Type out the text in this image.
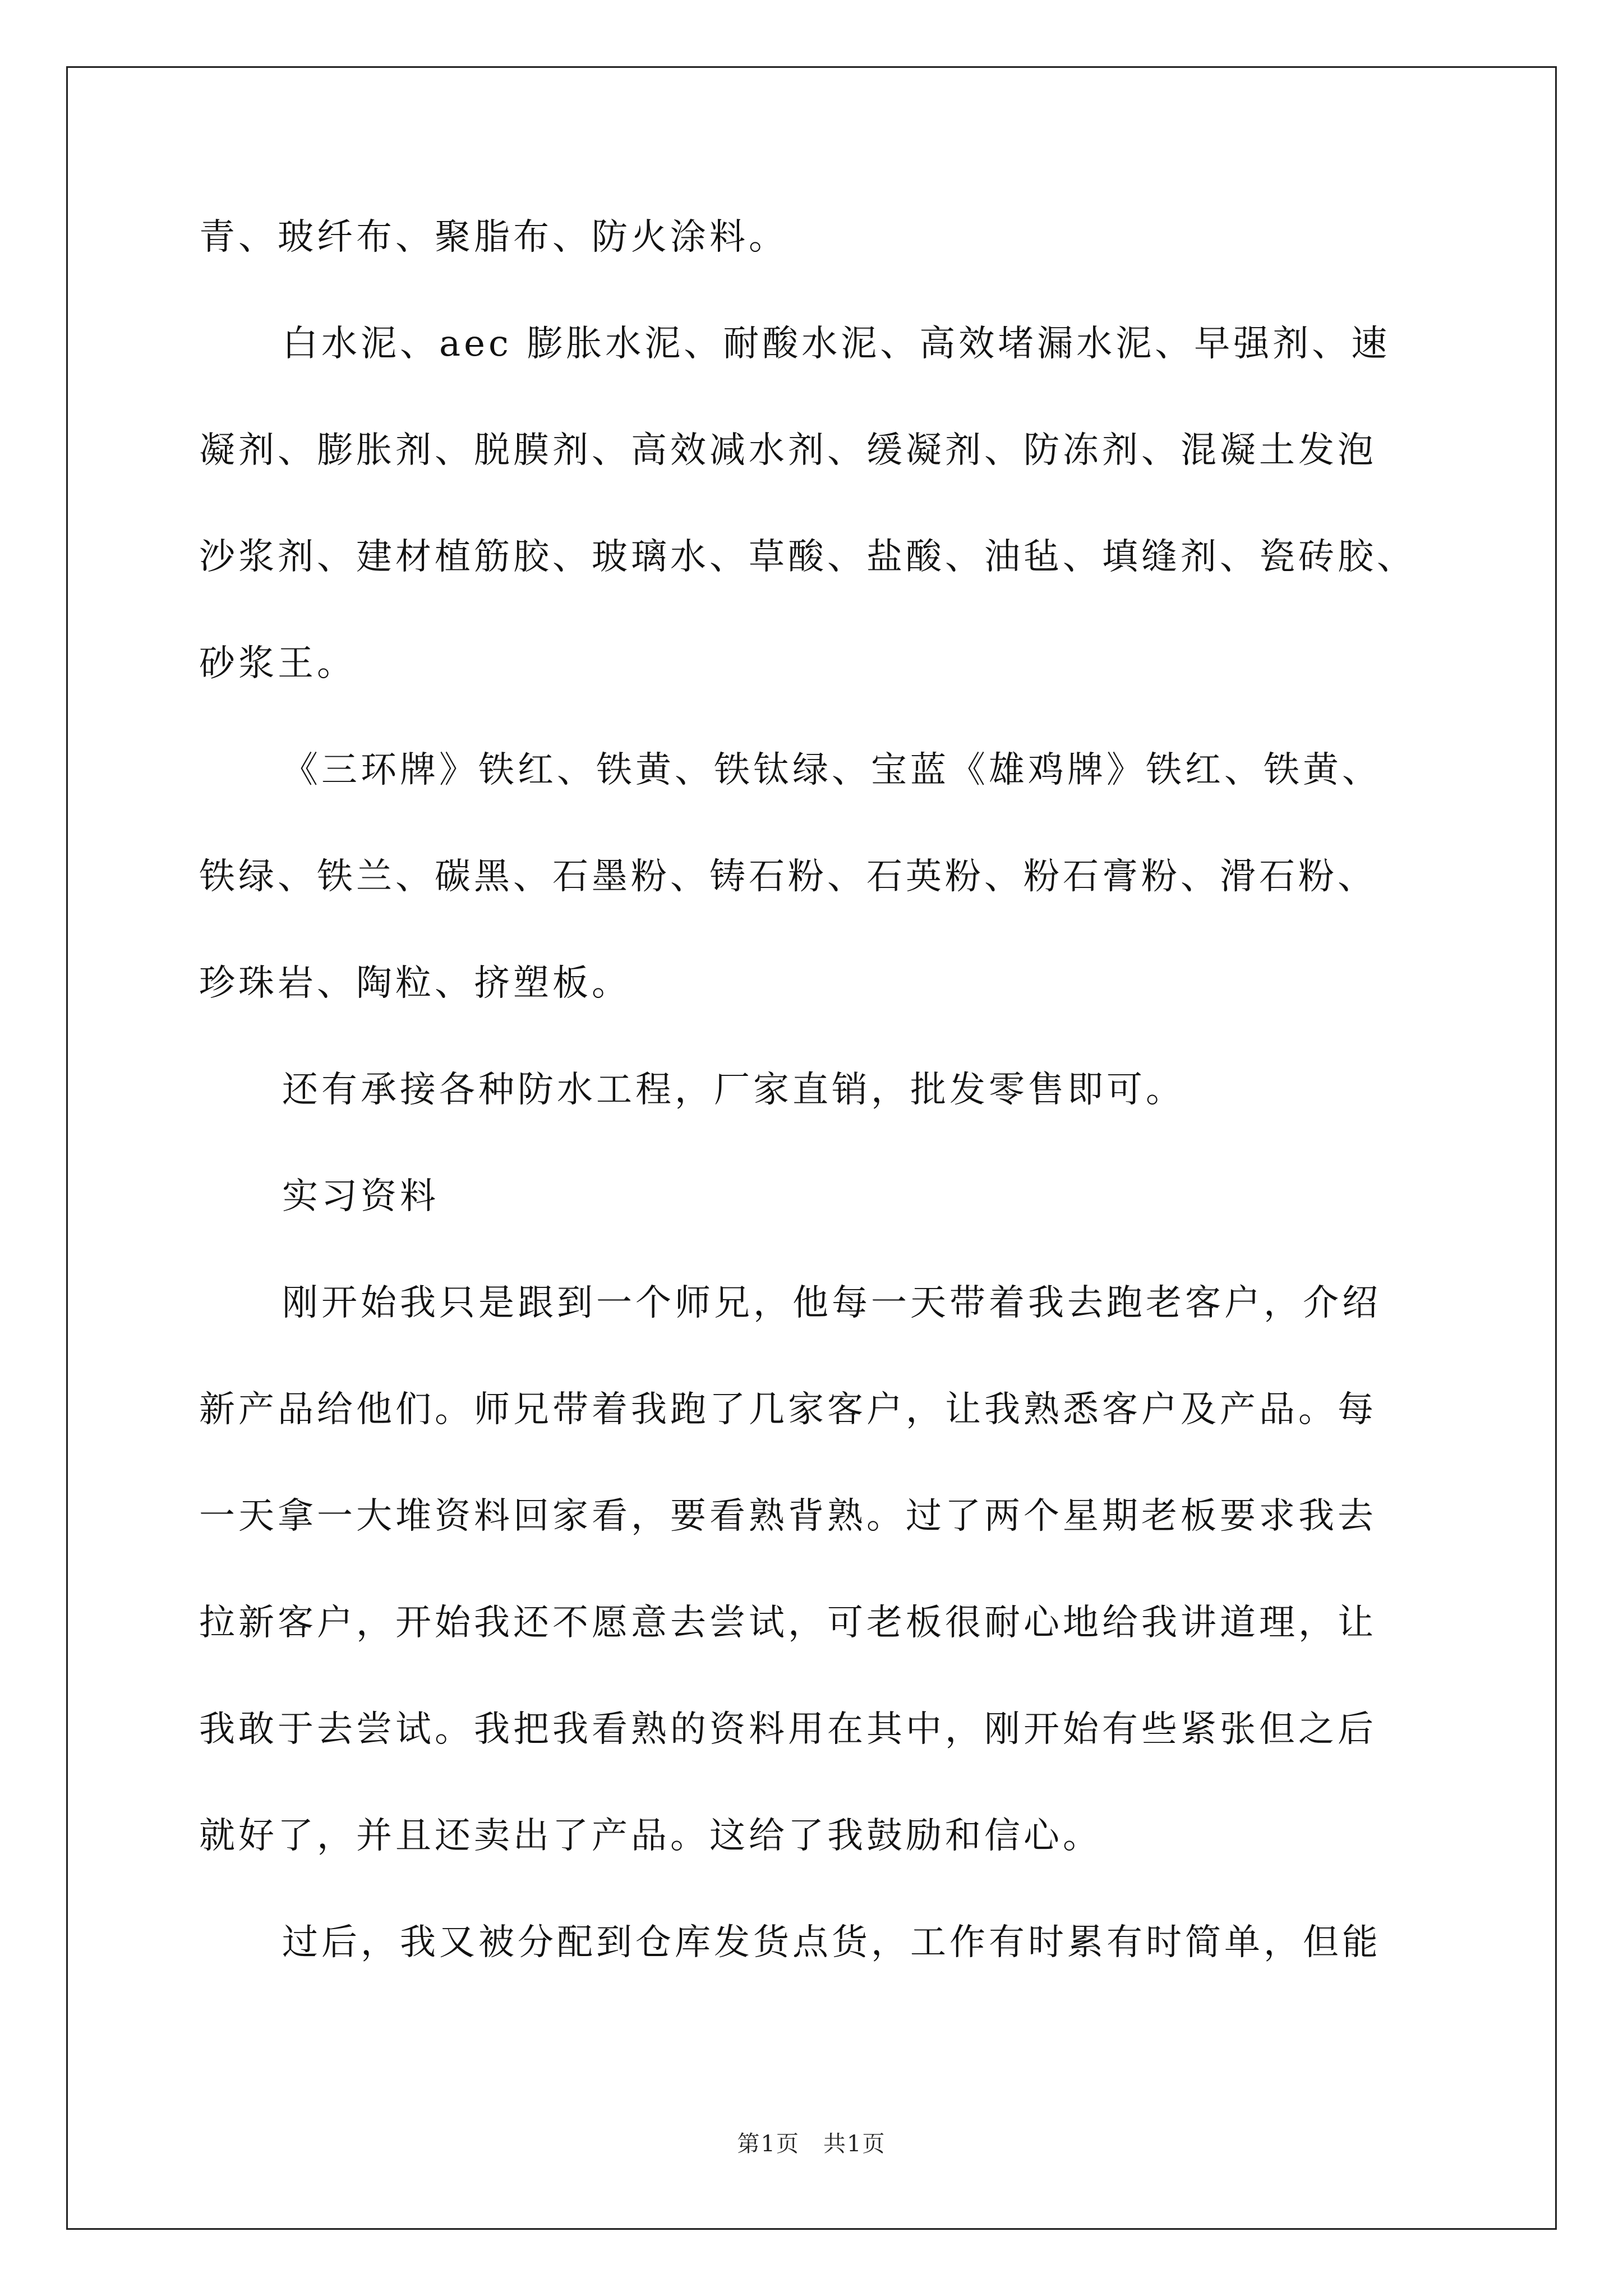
青、玻纤布、聚脂布、防火涂料。
白水泥、aec 膨胀水泥、耐酸水泥、高效堵漏水泥、早强剂、速
凝剂、膨胀剂、脱膜剂、高效减水剂、缓凝剂、防冻剂、混凝土发泡
沙浆剂、建材植筋胶、玻璃水、草酸、盐酸、油毡、填缝剂、瓷砖胶、
砂浆王。
《三环牌》铁红、铁黄、铁钛绿、宝蓝《雄鸡牌》铁红、铁黄、
铁绿、铁兰、碳黑、石墨粉、铸石粉、石英粉、粉石膏粉、滑石粉、
珍珠岩、陶粒、挤塑板。
还有承接各种防水工程，厂家直销，批发零售即可。
实习资料
刚开始我只是跟到一个师兄，他每一天带着我去跑老客户，介绍
新产品给他们。师兄带着我跑了几家客户，让我熟悉客户及产品。每
一天拿一大堆资料回家看，要看熟背熟。过了两个星期老板要求我去
拉新客户，开始我还不愿意去尝试，可老板很耐心地给我讲道理，让
我敢于去尝试。我把我看熟的资料用在其中，刚开始有些紧张但之后
就好了，并且还卖出了产品。这给了我鼓励和信心。
过后，我又被分配到仓库发货点货，工作有时累有时简单，但能
第1页　共1页
